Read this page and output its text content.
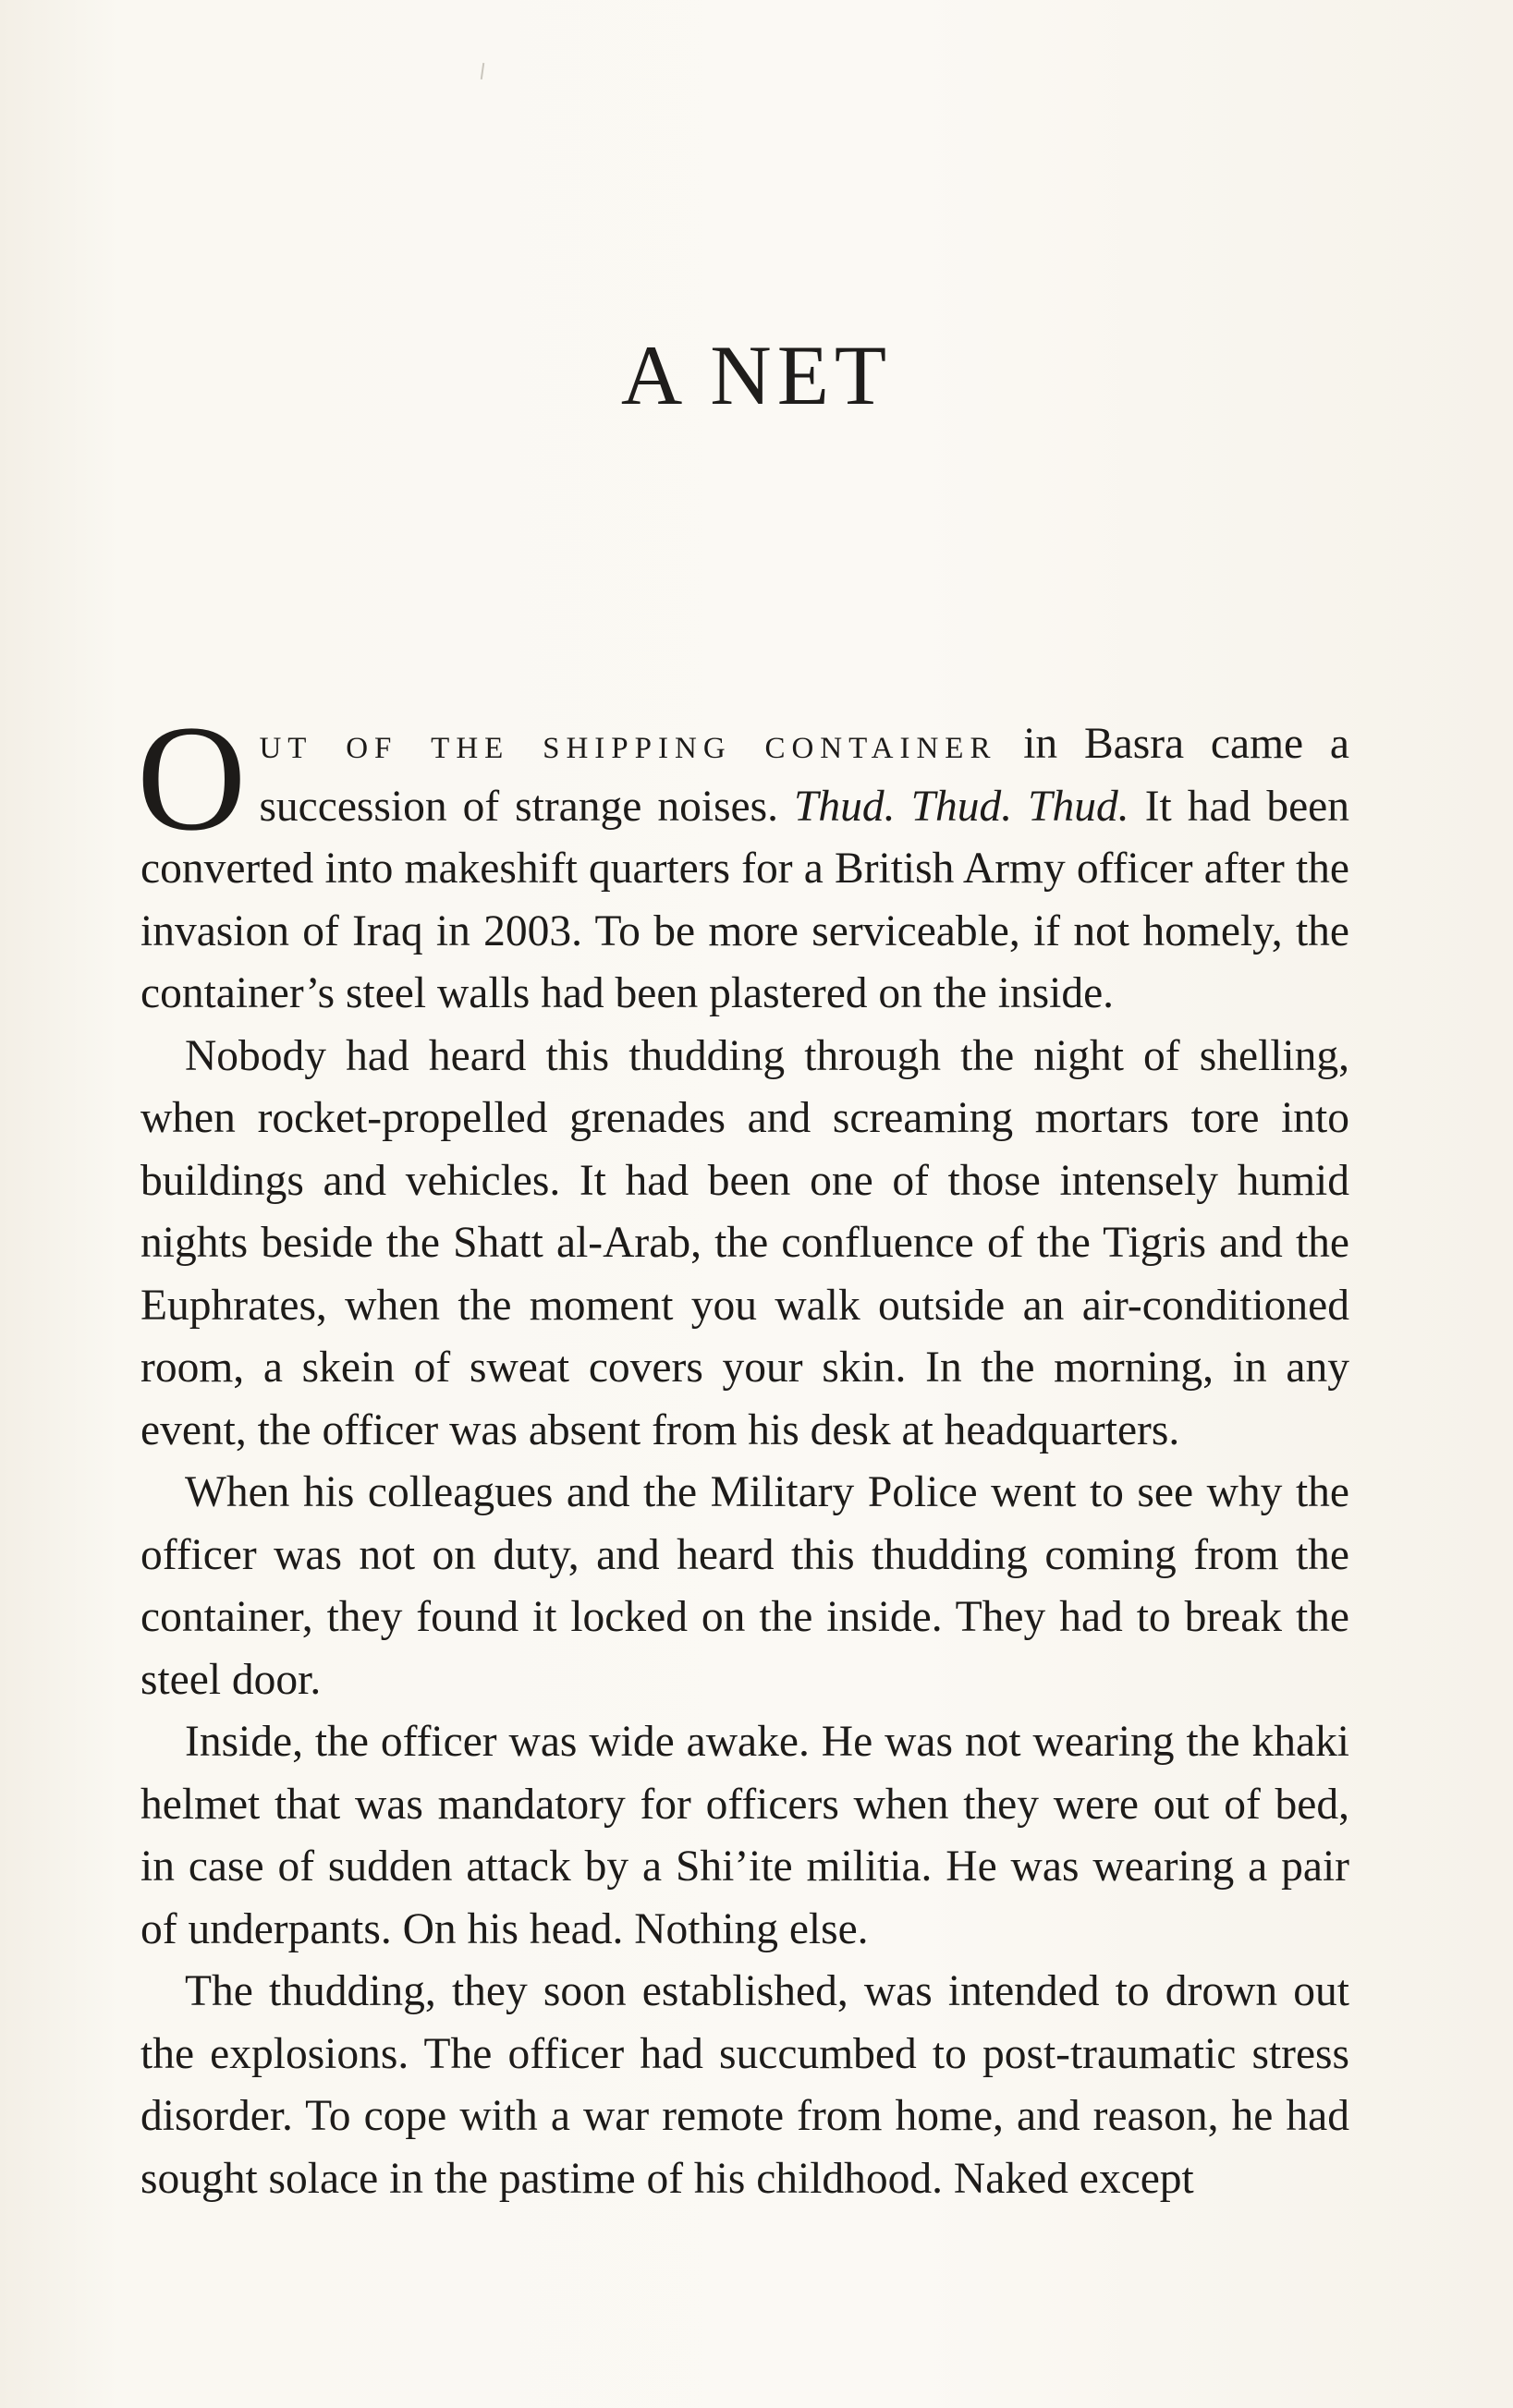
A NET

Out of the shipping container in Basra came a succession of strange noises. Thud. Thud. Thud. It had been converted into makeshift quarters for a British Army officer after the invasion of Iraq in 2003. To be more serviceable, if not homely, the container’s steel walls had been plastered on the inside.

Nobody had heard this thudding through the night of shelling, when rocket-propelled grenades and screaming mortars tore into buildings and vehicles. It had been one of those intensely humid nights beside the Shatt al-Arab, the confluence of the Tigris and the Euphrates, when the moment you walk outside an air-conditioned room, a skein of sweat covers your skin. In the morning, in any event, the officer was absent from his desk at headquarters.

When his colleagues and the Military Police went to see why the officer was not on duty, and heard this thudding coming from the container, they found it locked on the inside. They had to break the steel door.

Inside, the officer was wide awake. He was not wearing the khaki helmet that was mandatory for officers when they were out of bed, in case of sudden attack by a Shi’ite militia. He was wearing a pair of underpants. On his head. Nothing else.

The thudding, they soon established, was intended to drown out the explosions. The officer had succumbed to post-traumatic stress disorder. To cope with a war remote from home, and reason, he had sought solace in the pastime of his childhood. Naked except
